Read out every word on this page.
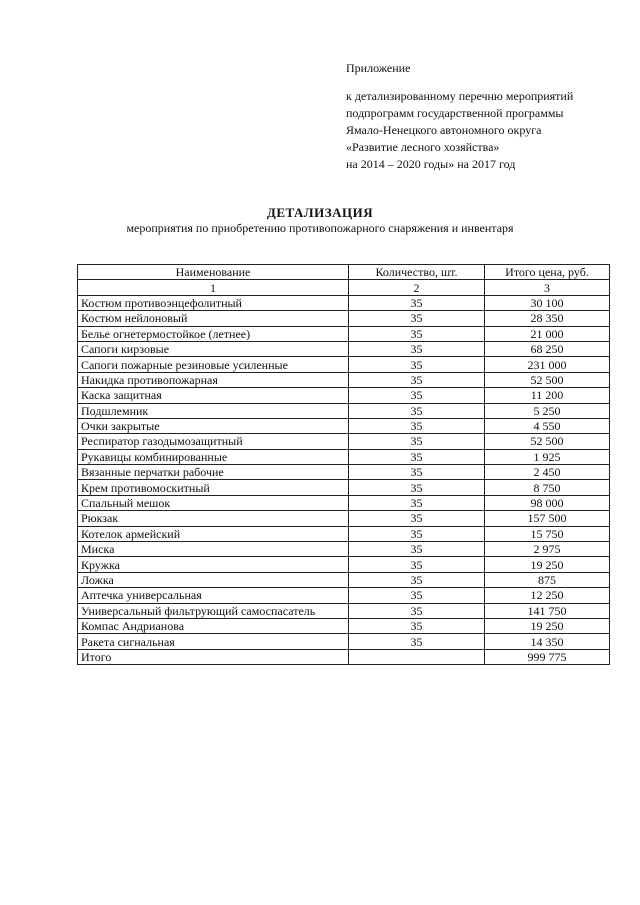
Приложение
к детализированному перечню мероприятий
подпрограмм государственной программы
Ямало-Ненецкого автономного округа
«Развитие лесного хозяйства»
на 2014 – 2020 годы» на 2017 год
ДЕТАЛИЗАЦИЯ
мероприятия по приобретению противопожарного снаряжения и инвентаря
Наименование	Количество, шт.	Итого цена, руб.
1	2	3
Костюм противоэнцефолитный	35	30 100
Костюм нейлоновый	35	28 350
Белье огнетермостойкое (летнее)	35	21 000
Сапоги кирзовые	35	68 250
Сапоги пожарные резиновые усиленные	35	231 000
Накидка противопожарная	35	52 500
Каска защитная	35	11 200
Подшлемник	35	5 250
Очки закрытые	35	4 550
Респиратор газодымозащитный	35	52 500
Рукавицы комбинированные	35	1 925
Вязанные перчатки рабочие	35	2 450
Крем противомоскитный	35	8 750
Спальный мешок	35	98 000
Рюкзак	35	157 500
Котелок армейский	35	15 750
Миска	35	2 975
Кружка	35	19 250
Ложка	35	875
Аптечка универсальная	35	12 250
Универсальный фильтрующий самоспасатель	35	141 750
Компас Андрианова	35	19 250
Ракета сигнальная	35	14 350
Итого		999 775
